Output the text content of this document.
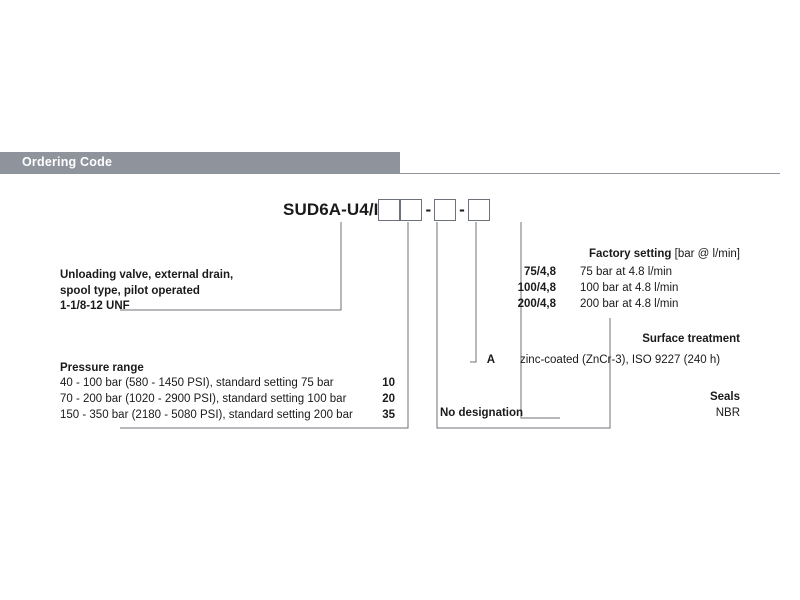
Ordering Code
SUD6A-U4/I	- -
Unloading valve, external drain,
spool type, pilot operated
1-1/8-12 UNF
Pressure range
40 - 100 bar (580 - 1450 PSI), standard setting 75 bar	10
70 - 200 bar (1020 - 2900 PSI), standard setting 100 bar	20
150 - 350 bar (2180 - 5080 PSI), standard setting 200 bar	35
Factory setting [bar @ l/min]
75/4,8	75 bar at 4.8 l/min
100/4,8	100 bar at 4.8 l/min
200/4,8	200 bar at 4.8 l/min
Surface treatment
A zinc-coated (ZnCr-3), ISO 9227 (240 h)
Seals
No designation	NBR
